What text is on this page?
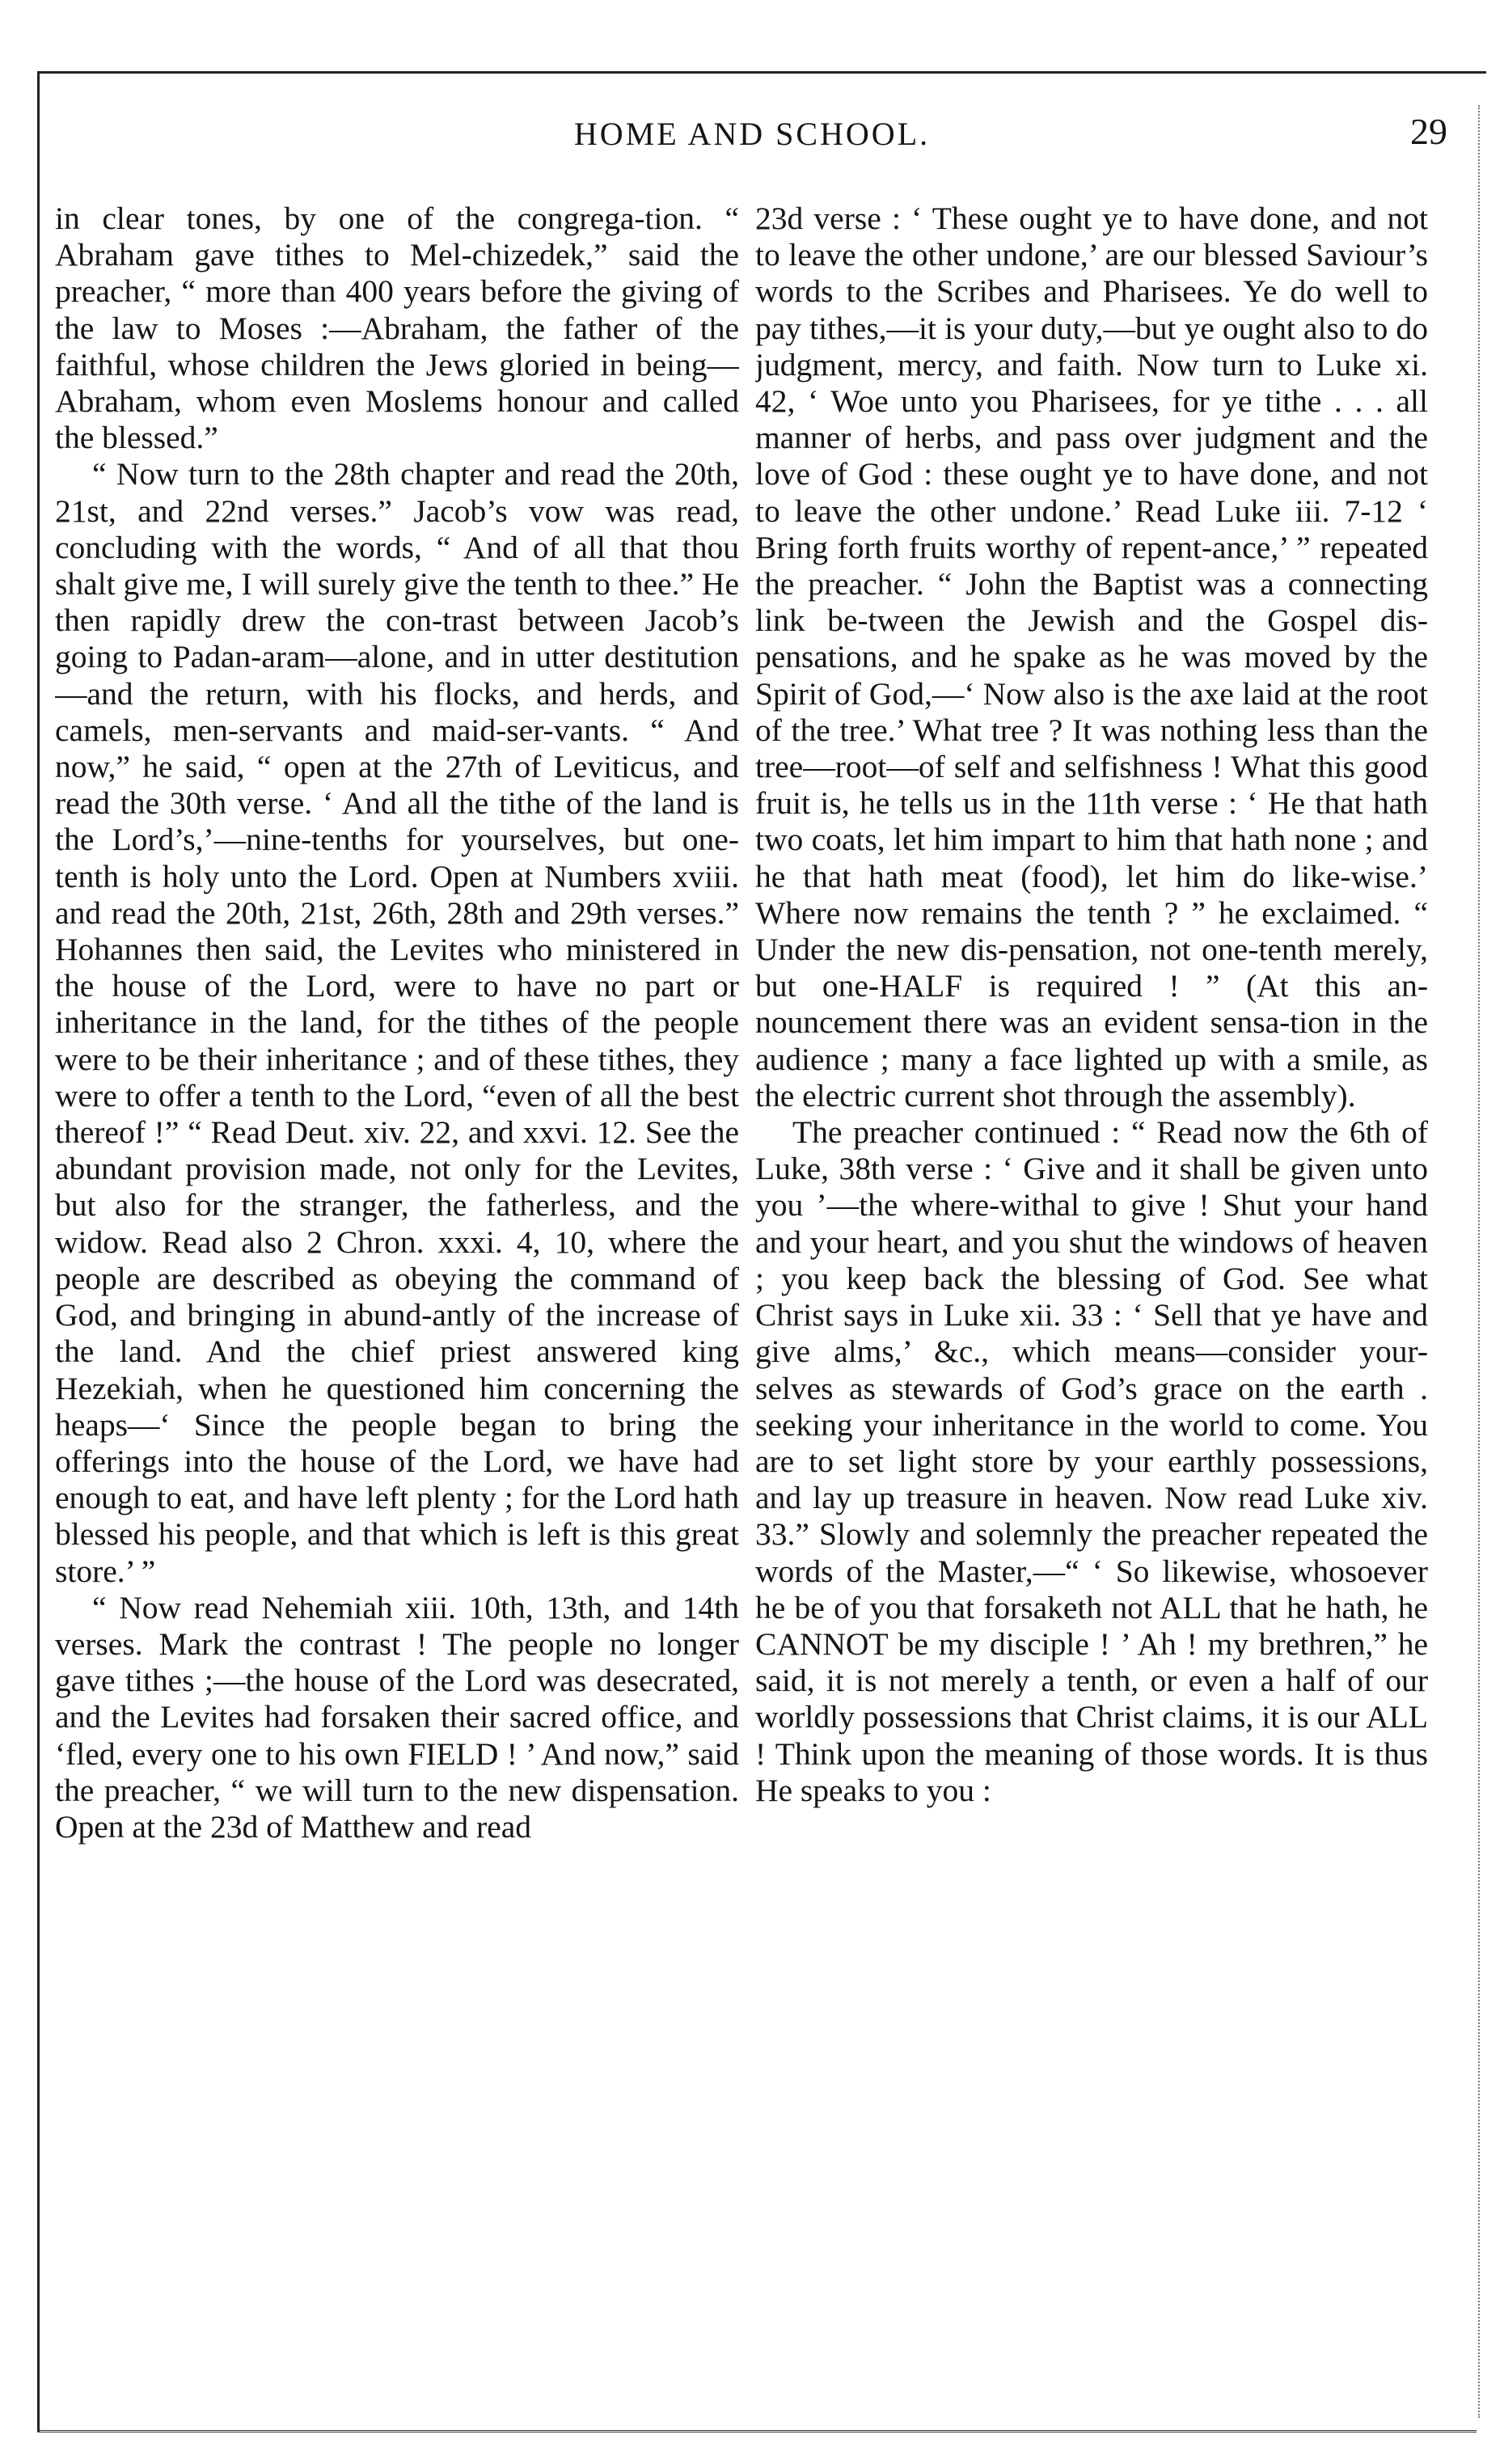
HOME AND SCHOOL.	29

in clear tones, by one of the congrega-tion. “ Abraham gave tithes to Mel-chizedek,” said the preacher, “ more than 400 years before the giving of the law to Moses :—Abraham, the father of the faithful, whose children the Jews gloried in being—Abraham, whom even Moslems honour and called the blessed.”

“ Now turn to the 28th chapter and read the 20th, 21st, and 22nd verses.” Jacob’s vow was read, concluding with the words, “ And of all that thou shalt give me, I will surely give the tenth to thee.” He then rapidly drew the con-trast between Jacob’s going to Padan-aram—alone, and in utter destitution—and the return, with his flocks, and herds, and camels, men-servants and maid-ser-vants. “ And now,” he said, “ open at the 27th of Leviticus, and read the 30th verse. ‘ And all the tithe of the land is the Lord’s,’—nine-tenths for yourselves, but one-tenth is holy unto the Lord. Open at Numbers xviii. and read the 20th, 21st, 26th, 28th and 29th verses.” Hohannes then said, the Levites who ministered in the house of the Lord, were to have no part or inheritance in the land, for the tithes of the people were to be their inheritance ; and of these tithes, they were to offer a tenth to the Lord, “even of all the best thereof !” “ Read Deut. xiv. 22, and xxvi. 12. See the abundant provision made, not only for the Levites, but also for the stranger, the fatherless, and the widow. Read also 2 Chron. xxxi. 4, 10, where the people are described as obeying the command of God, and bringing in abund-antly of the increase of the land. And the chief priest answered king Hezekiah, when he questioned him concerning the heaps—‘ Since the people began to bring the offerings into the house of the Lord, we have had enough to eat, and have left plenty ; for the Lord hath blessed his people, and that which is left is this great store.’ ”

“ Now read Nehemiah xiii. 10th, 13th, and 14th verses. Mark the contrast ! The people no longer gave tithes ;—the house of the Lord was desecrated, and the Levites had forsaken their sacred office, and ‘fled, every one to his own FIELD ! ’ And now,” said the preacher, “ we will turn to the new dispensation. Open at the 23d of Matthew and read

23d verse : ‘ These ought ye to have done, and not to leave the other undone,’ are our blessed Saviour’s words to the Scribes and Pharisees. Ye do well to pay tithes,—it is your duty,—but ye ought also to do judgment, mercy, and faith. Now turn to Luke xi. 42, ‘ Woe unto you Pharisees, for ye tithe . . . all manner of herbs, and pass over judgment and the love of God : these ought ye to have done, and not to leave the other undone.’ Read Luke iii. 7-12 ‘ Bring forth fruits worthy of repent-ance,’ ” repeated the preacher. “ John the Baptist was a connecting link be-tween the Jewish and the Gospel dis-pensations, and he spake as he was moved by the Spirit of God,—‘ Now also is the axe laid at the root of the tree.’ What tree ? It was nothing less than the tree—root—of self and selfishness ! What this good fruit is, he tells us in the 11th verse : ‘ He that hath two coats, let him impart to him that hath none ; and he that hath meat (food), let him do like-wise.’ Where now remains the tenth ? ” he exclaimed. “ Under the new dis-pensation, not one-tenth merely, but one-HALF is required ! ” (At this an-nouncement there was an evident sensa-tion in the audience ; many a face lighted up with a smile, as the electric current shot through the assembly).

The preacher continued : “ Read now the 6th of Luke, 38th verse : ‘ Give and it shall be given unto you ’—the where-withal to give ! Shut your hand and your heart, and you shut the windows of heaven ; you keep back the blessing of God. See what Christ says in Luke xii. 33 : ‘ Sell that ye have and give alms,’ &c., which means—consider your-selves as stewards of God’s grace on the earth . seeking your inheritance in the world to come. You are to set light store by your earthly possessions, and lay up treasure in heaven. Now read Luke xiv. 33.” Slowly and solemnly the preacher repeated the words of the Master,—“ ‘ So likewise, whosoever he be of you that forsaketh not ALL that he hath, he CANNOT be my disciple ! ’ Ah ! my brethren,” he said, it is not merely a tenth, or even a half of our worldly possessions that Christ claims, it is our ALL ! Think upon the meaning of those words. It is thus He speaks to you :
